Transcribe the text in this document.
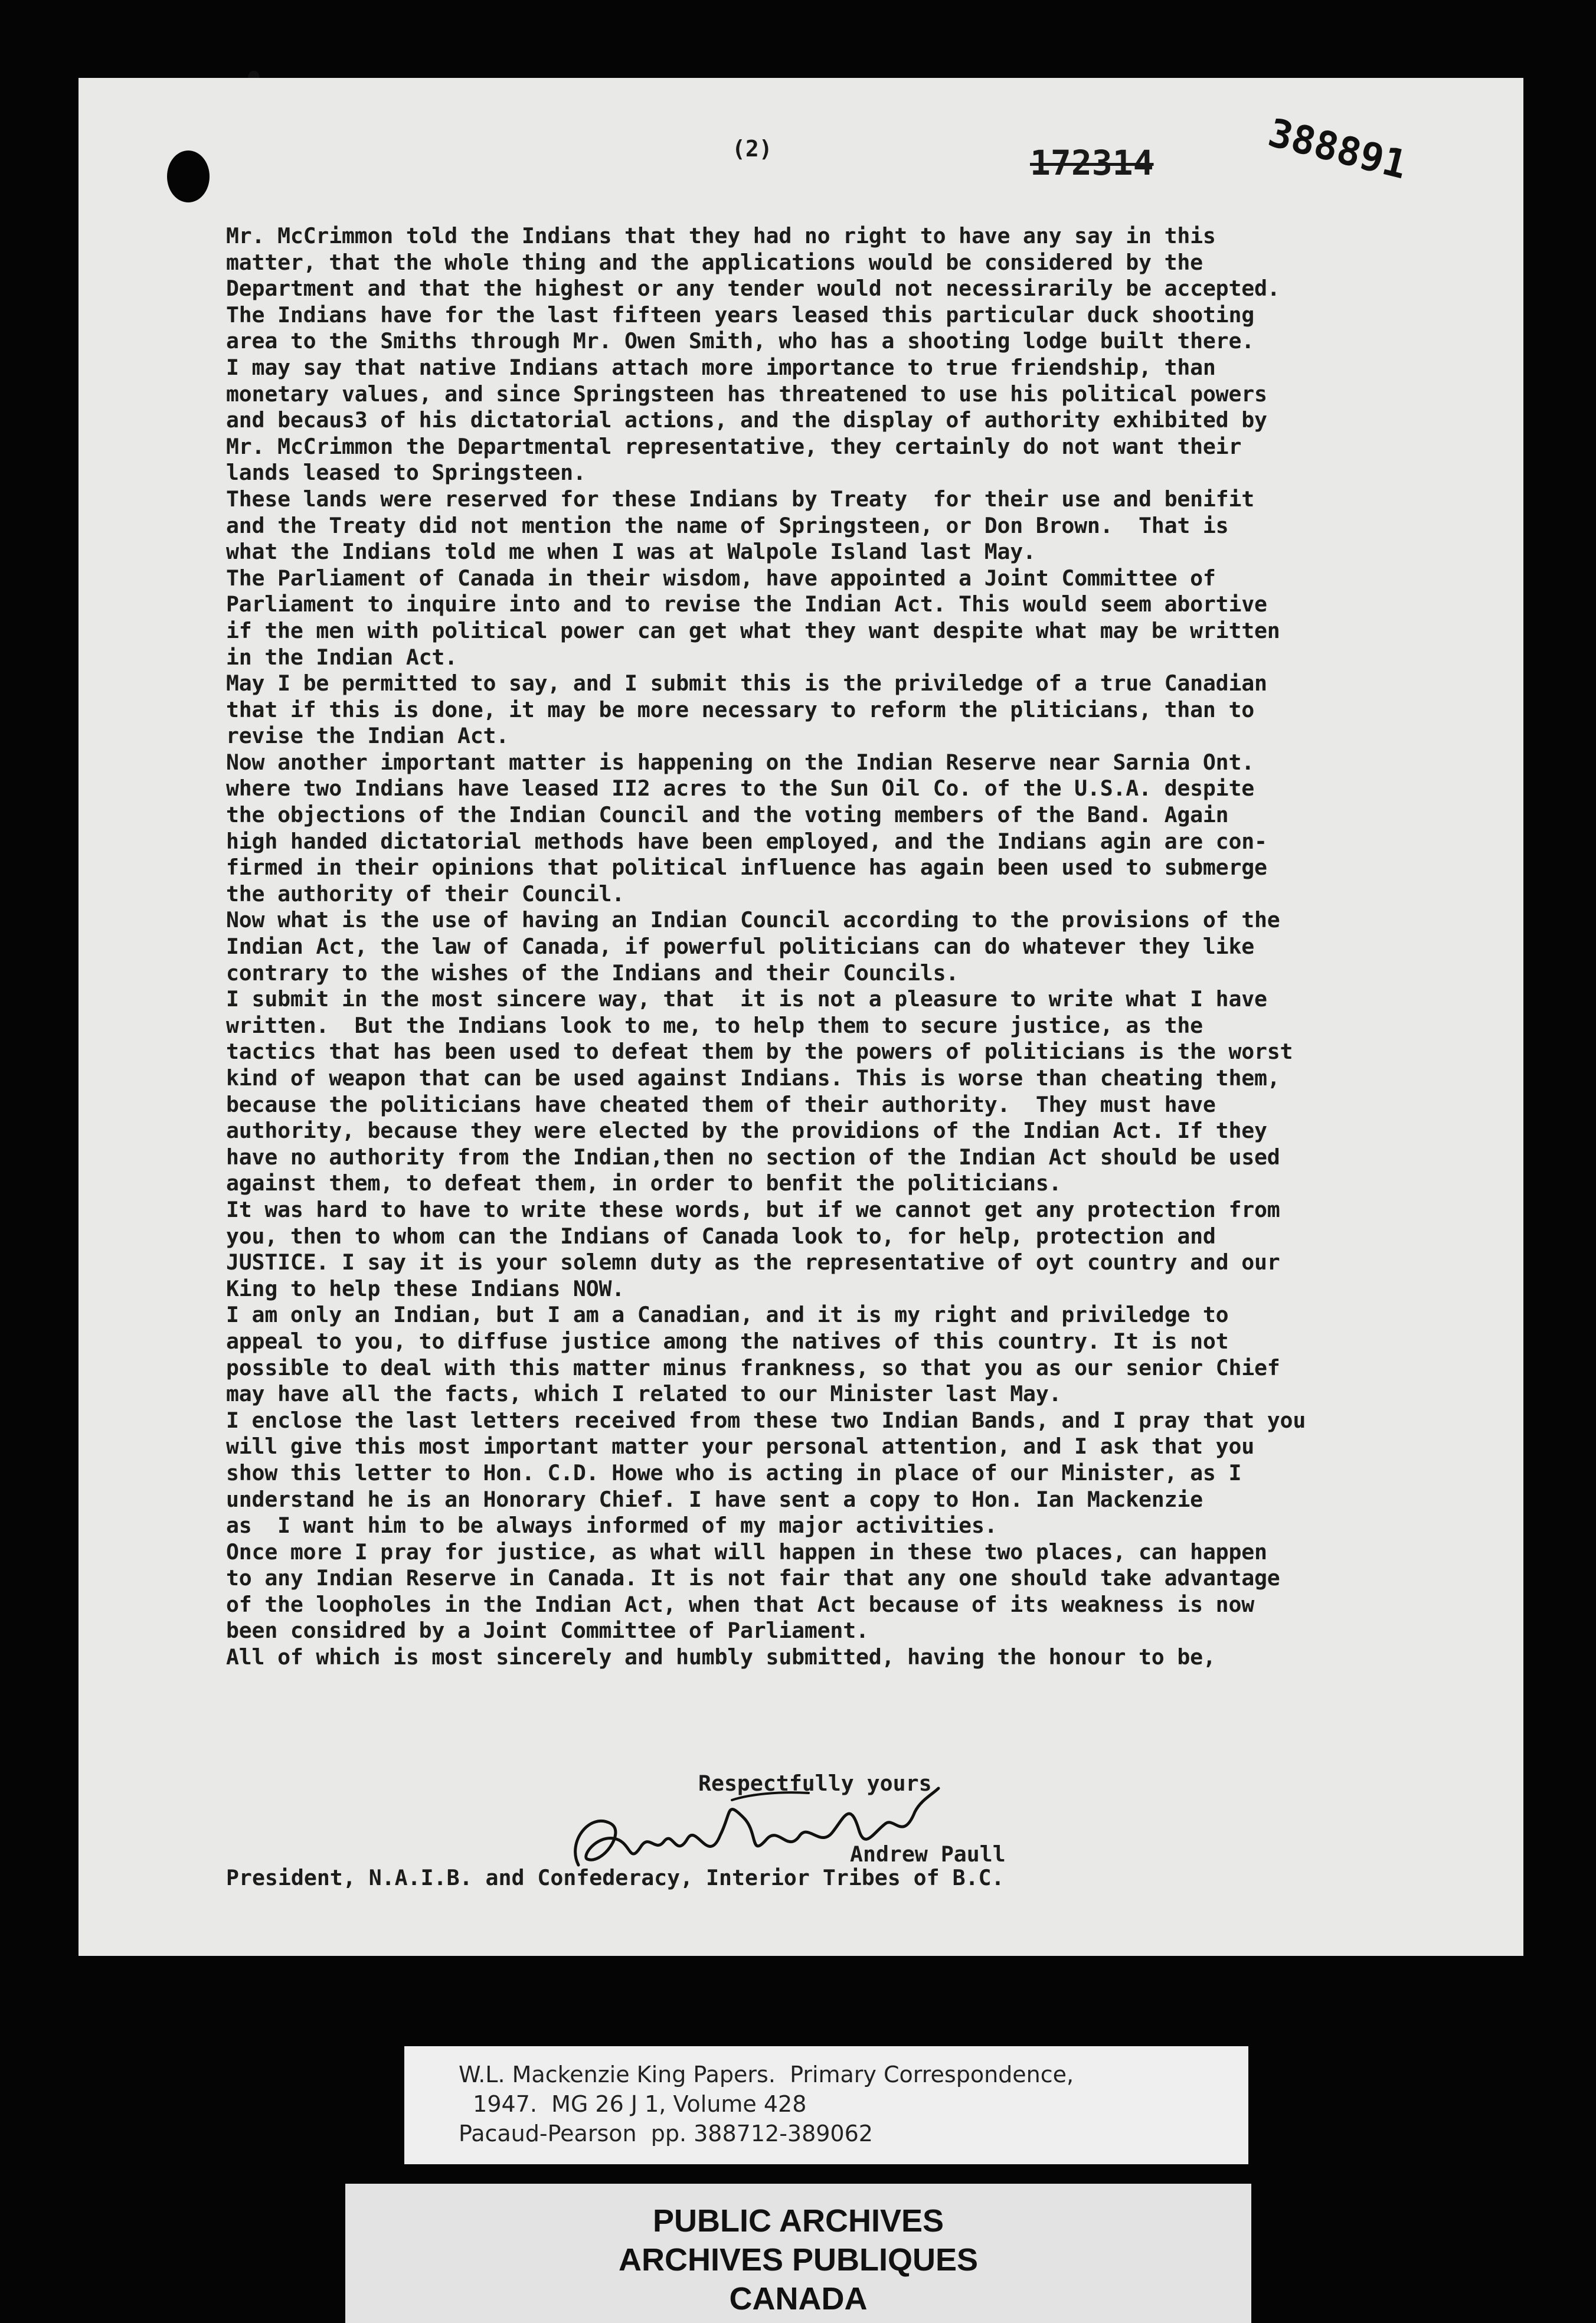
(2)	172314	388891
Mr. McCrimmon told the Indians that they had no right to have any say in this
matter, that the whole thing and the applications would be considered by the
Department and that the highest or any tender would not necessirarily be accepted.
The Indians have for the last fifteen years leased this particular duck shooting
area to the Smiths through Mr. Owen Smith, who has a shooting lodge built there.
I may say that native Indians attach more importance to true friendship, than
monetary values, and since Springsteen has threatened to use his political powers
and becaus3 of his dictatorial actions, and the display of authority exhibited by
Mr. McCrimmon the Departmental representative, they certainly do not want their
lands leased to Springsteen.
These lands were reserved for these Indians by Treaty  for their use and benifit
and the Treaty did not mention the name of Springsteen, or Don Brown.  That is
what the Indians told me when I was at Walpole Island last May.
The Parliament of Canada in their wisdom, have appointed a Joint Committee of
Parliament to inquire into and to revise the Indian Act. This would seem abortive
if the men with political power can get what they want despite what may be written
in the Indian Act.
May I be permitted to say, and I submit this is the priviledge of a true Canadian
that if this is done, it may be more necessary to reform the pliticians, than to
revise the Indian Act.
Now another important matter is happening on the Indian Reserve near Sarnia Ont.
where two Indians have leased II2 acres to the Sun Oil Co. of the U.S.A. despite
the objections of the Indian Council and the voting members of the Band. Again
high handed dictatorial methods have been employed, and the Indians agin are con-
firmed in their opinions that political influence has again been used to submerge
the authority of their Council.
Now what is the use of having an Indian Council according to the provisions of the
Indian Act, the law of Canada, if powerful politicians can do whatever they like
contrary to the wishes of the Indians and their Councils.
I submit in the most sincere way, that  it is not a pleasure to write what I have
written.  But the Indians look to me, to help them to secure justice, as the
tactics that has been used to defeat them by the powers of politicians is the worst
kind of weapon that can be used against Indians. This is worse than cheating them,
because the politicians have cheated them of their authority.  They must have
authority, because they were elected by the providions of the Indian Act. If they
have no authority from the Indian,then no section of the Indian Act should be used
against them, to defeat them, in order to benfit the politicians.
It was hard to have to write these words, but if we cannot get any protection from
you, then to whom can the Indians of Canada look to, for help, protection and
JUSTICE. I say it is your solemn duty as the representative of oyt country and our
King to help these Indians NOW.
I am only an Indian, but I am a Canadian, and it is my right and priviledge to
appeal to you, to diffuse justice among the natives of this country. It is not
possible to deal with this matter minus frankness, so that you as our senior Chief
may have all the facts, which I related to our Minister last May.
I enclose the last letters received from these two Indian Bands, and I pray that you
will give this most important matter your personal attention, and I ask that you
show this letter to Hon. C.D. Howe who is acting in place of our Minister, as I
understand he is an Honorary Chief. I have sent a copy to Hon. Ian Mackenzie
as  I want him to be always informed of my major activities.
Once more I pray for justice, as what will happen in these two places, can happen
to any Indian Reserve in Canada. It is not fair that any one should take advantage
of the loopholes in the Indian Act, when that Act because of its weakness is now
been considred by a Joint Committee of Parliament.
All of which is most sincerely and humbly submitted, having the honour to be,
Respectfully yours
Andrew Paull
President, N.A.I.B. and Confederacy, Interior Tribes of B.C.
W.L. Mackenzie King Papers.  Primary Correspondence,
1947.  MG 26 J 1, Volume 428
Pacaud-Pearson  pp. 388712-389062
PUBLIC ARCHIVES
ARCHIVES PUBLIQUES
CANADA
